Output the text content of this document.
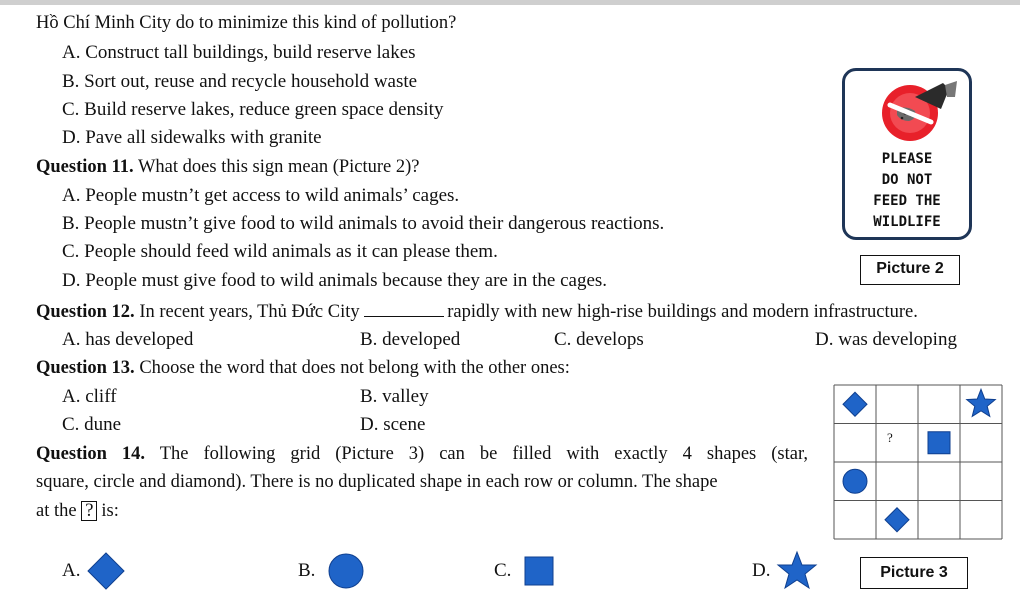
Hồ Chí Minh City do to minimize this kind of pollution?
A. Construct tall buildings, build reserve lakes
B. Sort out, reuse and recycle household waste
C. Build reserve lakes, reduce green space density
D. Pave all sidewalks with granite
Question 11. What does this sign mean (Picture 2)?
A. People mustn’t get access to wild animals’ cages.
B. People mustn’t give food to wild animals to avoid their dangerous reactions.
C. People should feed wild animals as it can please them.
D. People must give food to wild animals because they are in the cages.
PLEASE
DO NOT
FEED THE
WILDLIFE
Picture 2
Question 12. In recent years, Thủ Đức City	rapidly with new high-rise buildings and modern infrastructure.
A. has developed	B. developed	C. develops	D. was developing
Question 13. Choose the word that does not belong with the other ones:
A. cliff	B. valley
C. dune	D. scene
Question 14. The following grid (Picture 3) can be filled with exactly 4 shapes (star,
square, circle and diamond). There is no duplicated shape in each row or column. The shape
at the ? is:
A.	B.	C.	D.
?
Picture 3
